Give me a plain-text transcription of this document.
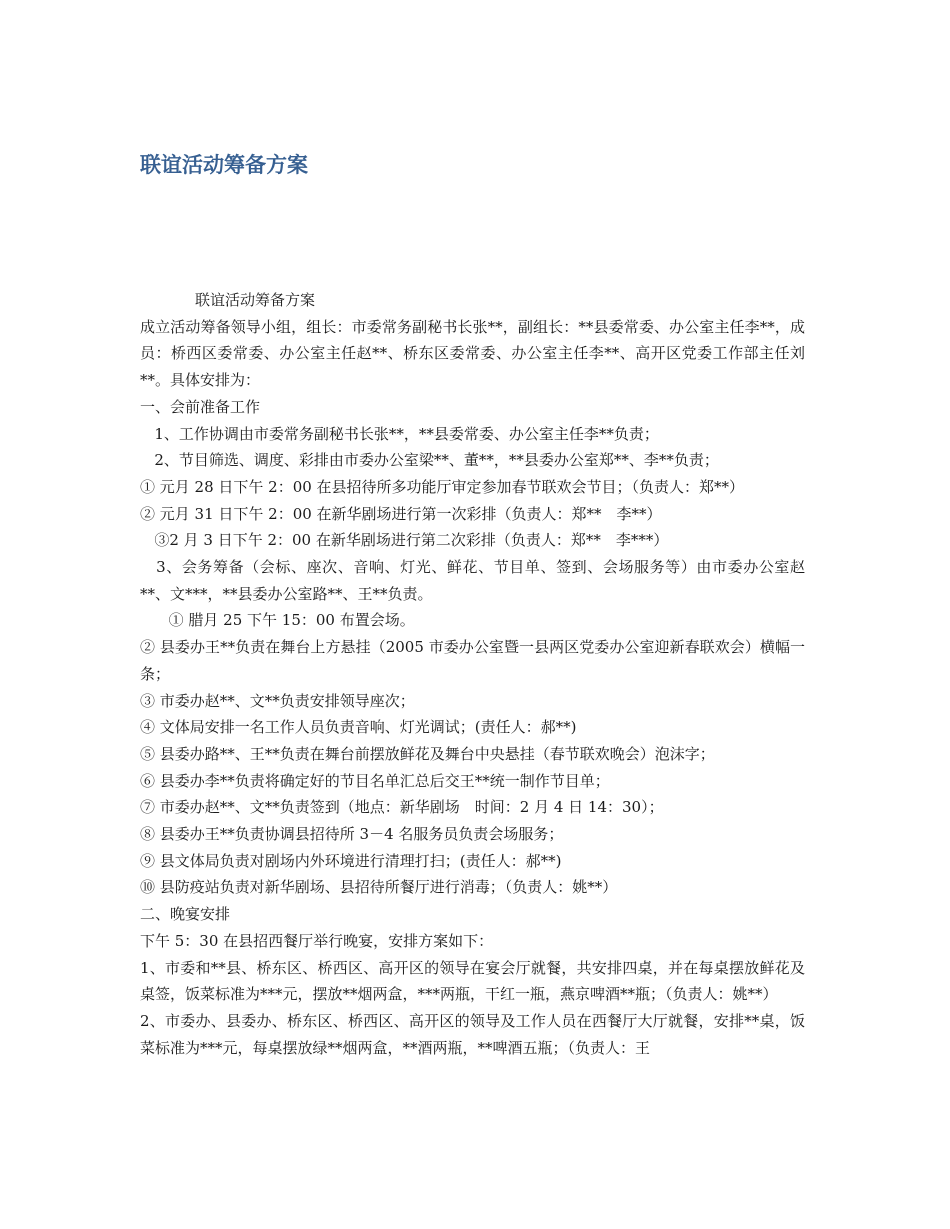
联谊活动筹备方案

联谊活动筹备方案

成立活动筹备领导小组，组长：市委常务副秘书长张**，副组长：**县委常委、办公室主任李**，成员：桥西区委常委、办公室主任赵**、桥东区委常委、办公室主任李**、高开区党委工作部主任刘**。具体安排为：

一、会前准备工作

1、工作协调由市委常务副秘书长张**，**县委常委、办公室主任李**负责；

2、节目筛选、调度、彩排由市委办公室梁**、董**，**县委办公室郑**、李**负责；

① 元月 28 日下午 2：00 在县招待所多功能厅审定参加春节联欢会节目；（负责人：郑**）

② 元月 31 日下午 2：00 在新华剧场进行第一次彩排（负责人：郑**　李**）

③2 月 3 日下午 2：00 在新华剧场进行第二次彩排（负责人：郑**　李***）

3、会务筹备（会标、座次、音响、灯光、鲜花、节目单、签到、会场服务等）由市委办公室赵**、文***，**县委办公室路**、王**负责。

① 腊月 25 下午 15：00 布置会场。

② 县委办王**负责在舞台上方悬挂（2005 市委办公室暨一县两区党委办公室迎新春联欢会）横幅一条；

③ 市委办赵**、文**负责安排领导座次；

④ 文体局安排一名工作人员负责音响、灯光调试；(责任人：郝**)

⑤ 县委办路**、王**负责在舞台前摆放鲜花及舞台中央悬挂（春节联欢晚会）泡沫字；

⑥ 县委办李**负责将确定好的节目名单汇总后交王**统一制作节目单；

⑦ 市委办赵**、文**负责签到（地点：新华剧场　时间：2 月 4 日 14：30）；

⑧ 县委办王**负责协调县招待所 3－4 名服务员负责会场服务；

⑨ 县文体局负责对剧场内外环境进行清理打扫；(责任人：郝**)

⑩ 县防疫站负责对新华剧场、县招待所餐厅进行消毒；（负责人：姚**）

二、晚宴安排

下午 5：30 在县招西餐厅举行晚宴，安排方案如下：

1、市委和**县、桥东区、桥西区、高开区的领导在宴会厅就餐，共安排四桌，并在每桌摆放鲜花及桌签，饭菜标准为***元，摆放**烟两盒，***两瓶，干红一瓶，燕京啤酒**瓶；（负责人：姚**）

2、市委办、县委办、桥东区、桥西区、高开区的领导及工作人员在西餐厅大厅就餐，安排**桌，饭菜标准为***元，每桌摆放绿**烟两盒，**酒两瓶，**啤酒五瓶；（负责人：王
